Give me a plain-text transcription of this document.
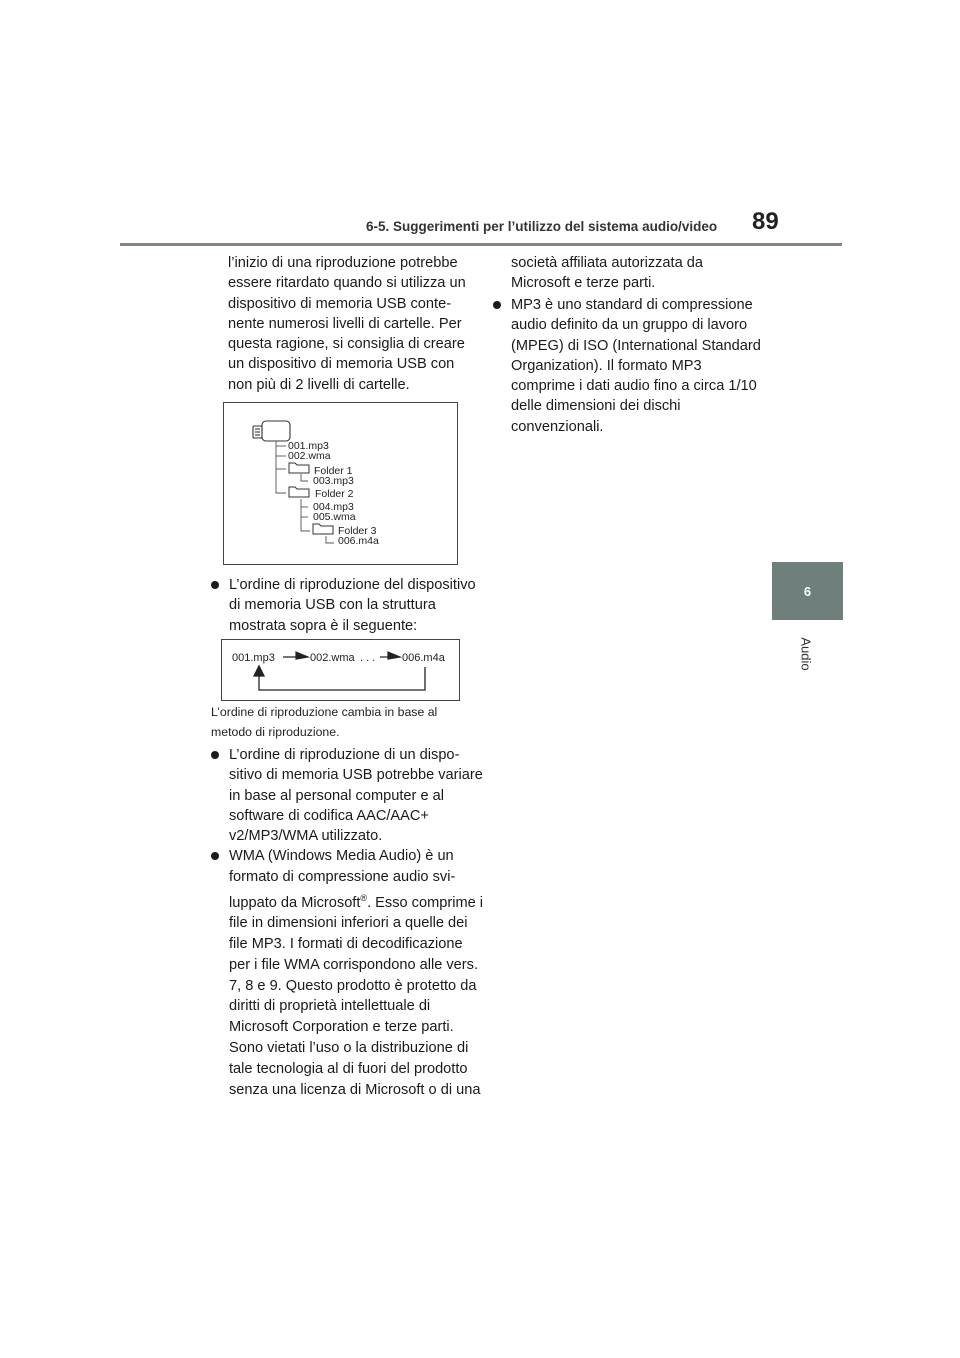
6-5. Suggerimenti per l’utilizzo del sistema audio/video 89
6
Audio

l’inizio di una riproduzione potrebbe essere ritardato quando si utilizza un dispositivo di memoria USB contenente numerosi livelli di cartelle. Per questa ragione, si consiglia di creare un dispositivo di memoria USB con non più di 2 livelli di cartelle.

001.mp3
002.wma
Folder 1
003.mp3
Folder 2
004.mp3
005.wma
Folder 3
006.m4a

L’ordine di riproduzione del dispositivo di memoria USB con la struttura mostrata sopra è il seguente:

001.mp3	002.wma . . . 006.m4a

L’ordine di riproduzione cambia in base al metodo di riproduzione.

L’ordine di riproduzione di un dispositivo di memoria USB potrebbe variare in base al personal computer e al software di codifica AAC/AAC+ v2/MP3/WMA utilizzato.

WMA (Windows Media Audio) è un formato di compressione audio sviluppato da Microsoft®. Esso comprime i file in dimensioni inferiori a quelle dei file MP3. I formati di decodificazione per i file WMA corrispondono alle vers. 7, 8 e 9. Questo prodotto è protetto da diritti di proprietà intellettuale di Microsoft Corporation e terze parti. Sono vietati l’uso o la distribuzione di tale tecnologia al di fuori del prodotto senza una licenza di Microsoft o di una

società affiliata autorizzata da Microsoft e terze parti.

MP3 è uno standard di compressione audio definito da un gruppo di lavoro (MPEG) di ISO (International Standard Organization). Il formato MP3 comprime i dati audio fino a circa 1/10 delle dimensioni dei dischi convenzionali.
